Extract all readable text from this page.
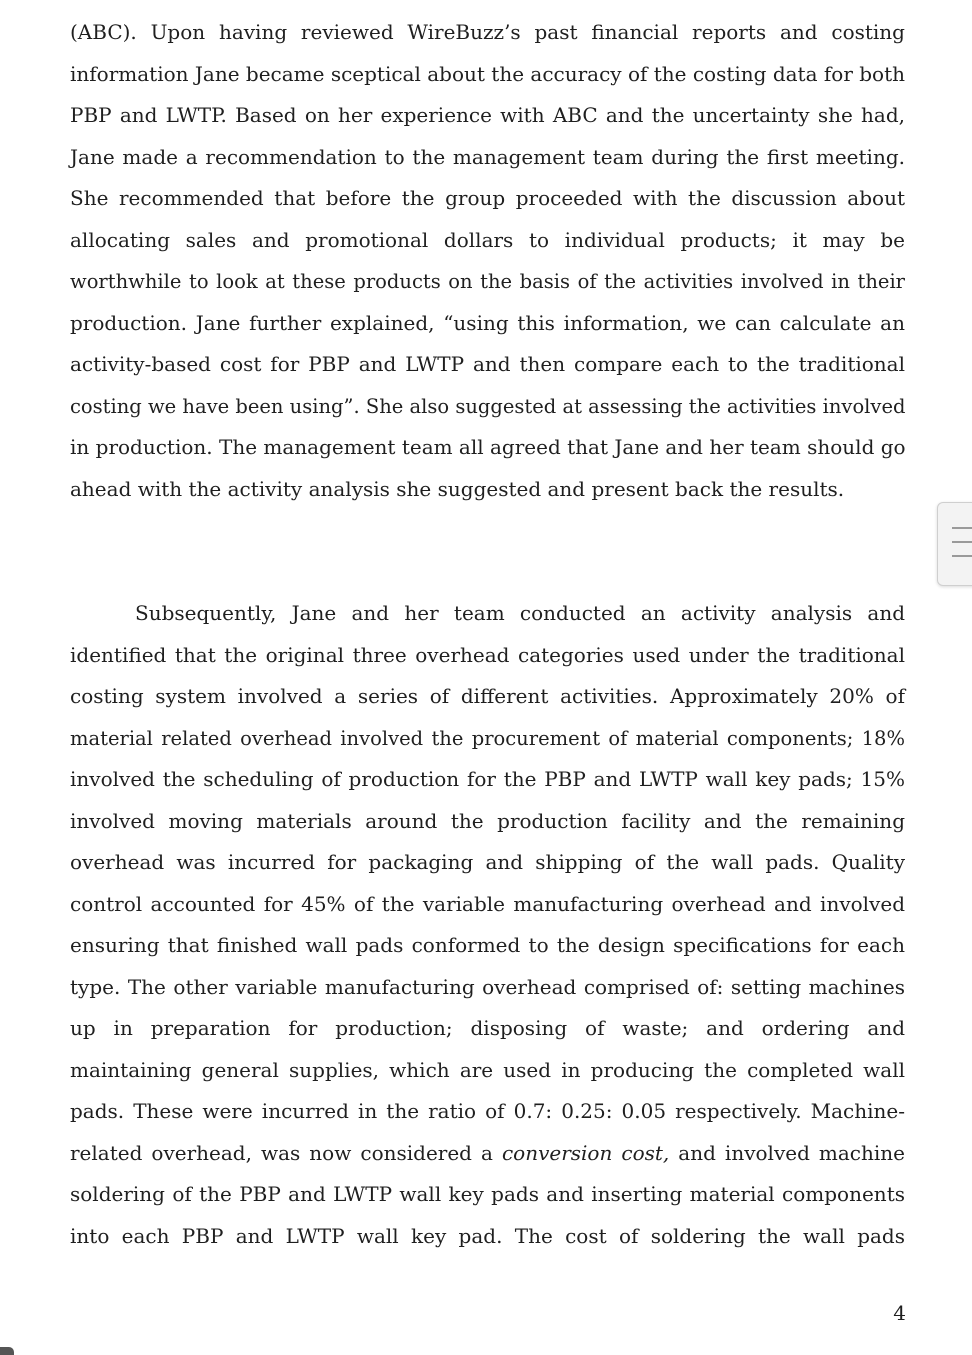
(ABC). Upon having reviewed WireBuzz’s past financial reports and costing
information Jane became sceptical about the accuracy of the costing data for both
PBP and LWTP. Based on her experience with ABC and the uncertainty she had,
Jane made a recommendation to the management team during the first meeting.
She recommended that before the group proceeded with the discussion about
allocating sales and promotional dollars to individual products; it may be
worthwhile to look at these products on the basis of the activities involved in their
production. Jane further explained, “using this information, we can calculate an
activity-based cost for PBP and LWTP and then compare each to the traditional
costing we have been using”. She also suggested at assessing the activities involved
in production. The management team all agreed that Jane and her team should go
ahead with the activity analysis she suggested and present back the results.
Subsequently, Jane and her team conducted an activity analysis and
identified that the original three overhead categories used under the traditional
costing system involved a series of different activities. Approximately 20% of
material related overhead involved the procurement of material components; 18%
involved the scheduling of production for the PBP and LWTP wall key pads; 15%
involved moving materials around the production facility and the remaining
overhead was incurred for packaging and shipping of the wall pads. Quality
control accounted for 45% of the variable manufacturing overhead and involved
ensuring that finished wall pads conformed to the design specifications for each
type. The other variable manufacturing overhead comprised of: setting machines
up in preparation for production; disposing of waste; and ordering and
maintaining general supplies, which are used in producing the completed wall
pads. These were incurred in the ratio of 0.7: 0.25: 0.05 respectively. Machine-
related overhead, was now considered a conversion cost, and involved machine
soldering of the PBP and LWTP wall key pads and inserting material components
into each PBP and LWTP wall key pad. The cost of soldering the wall pads
4
